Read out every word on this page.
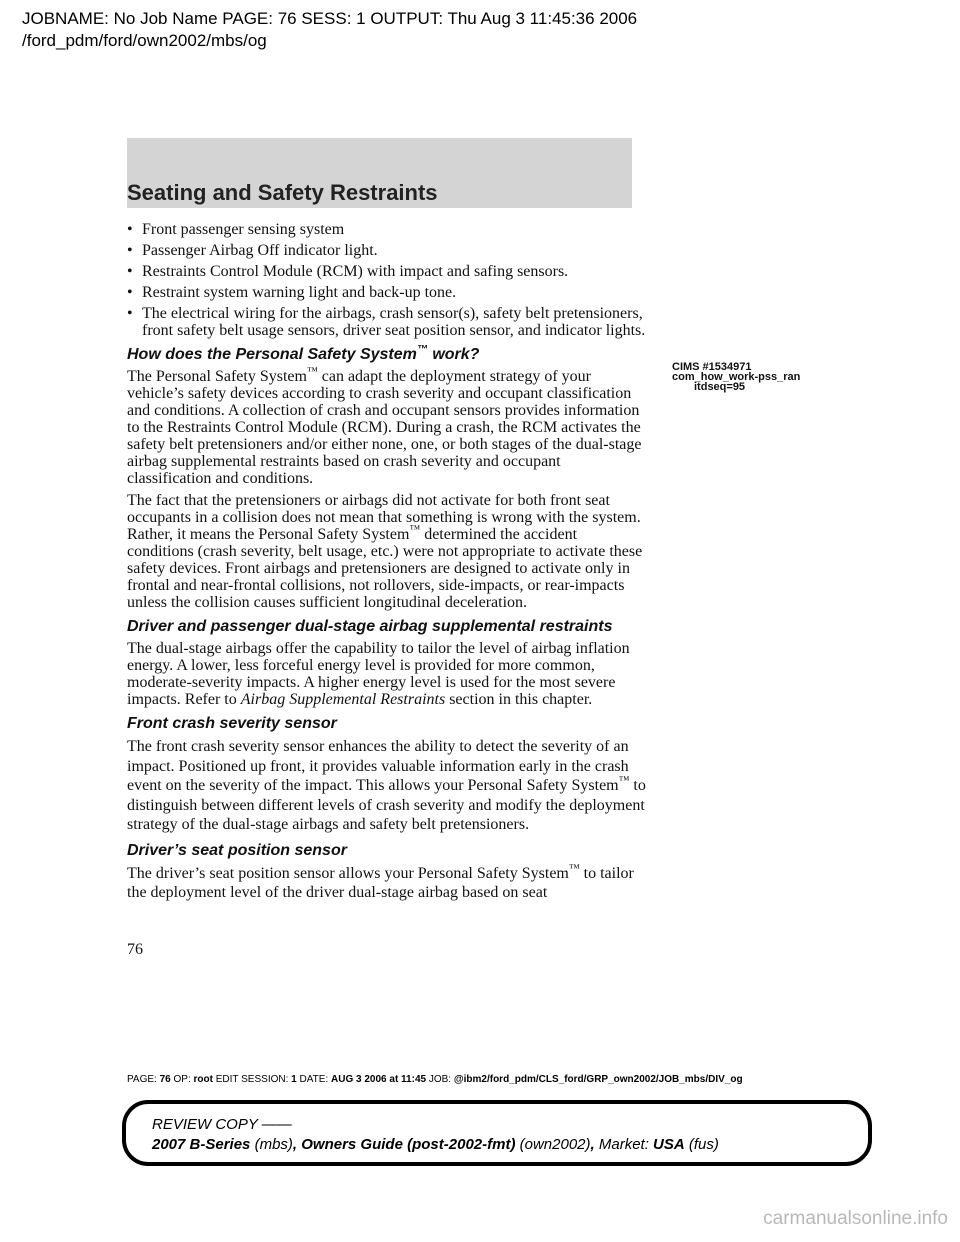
JOBNAME: No Job Name PAGE: 76 SESS: 1 OUTPUT: Thu Aug 3 11:45:36 2006
/ford_pdm/ford/own2002/mbs/og
Seating and Safety Restraints
• Front passenger sensing system
• Passenger Airbag Off indicator light.
• Restraints Control Module (RCM) with impact and safing sensors.
• Restraint system warning light and back-up tone.
• The electrical wiring for the airbags, crash sensor(s), safety belt pretensioners, front safety belt usage sensors, driver seat position sensor, and indicator lights.
How does the Personal Safety System™ work?

The Personal Safety System™ can adapt the deployment strategy of your vehicle’s safety devices according to crash severity and occupant classification and conditions. A collection of crash and occupant sensors provides information to the Restraints Control Module (RCM). During a crash, the RCM activates the safety belt pretensioners and/or either none, one, or both stages of the dual-stage airbag supplemental restraints based on crash severity and occupant classification and conditions.

The fact that the pretensioners or airbags did not activate for both front seat occupants in a collision does not mean that something is wrong with the system. Rather, it means the Personal Safety System™ determined the accident conditions (crash severity, belt usage, etc.) were not appropriate to activate these safety devices. Front airbags and pretensioners are designed to activate only in frontal and near-frontal collisions, not rollovers, side-impacts, or rear-impacts unless the collision causes sufficient longitudinal deceleration.

Driver and passenger dual-stage airbag supplemental restraints

The dual-stage airbags offer the capability to tailor the level of airbag inflation energy. A lower, less forceful energy level is provided for more common, moderate-severity impacts. A higher energy level is used for the most severe impacts. Refer to Airbag Supplemental Restraints section in this chapter.

Front crash severity sensor

The front crash severity sensor enhances the ability to detect the severity of an impact. Positioned up front, it provides valuable information early in the crash event on the severity of the impact. This allows your Personal Safety System™ to distinguish between different levels of crash severity and modify the deployment strategy of the dual-stage airbags and safety belt pretensioners.

Driver’s seat position sensor

The driver’s seat position sensor allows your Personal Safety System™ to tailor the deployment level of the driver dual-stage airbag based on seat

CIMS #1534971
com_how_work-pss_ran
itdseq=95
76
PAGE: 76 OP: root EDIT SESSION: 1 DATE: AUG 3 2006 at 11:45 JOB: @ibm2/ford_pdm/CLS_ford/GRP_own2002/JOB_mbs/DIV_og
REVIEW COPY ——
2007 B-Series (mbs), Owners Guide (post-2002-fmt) (own2002), Market: USA (fus)
carmanualsonline.info
